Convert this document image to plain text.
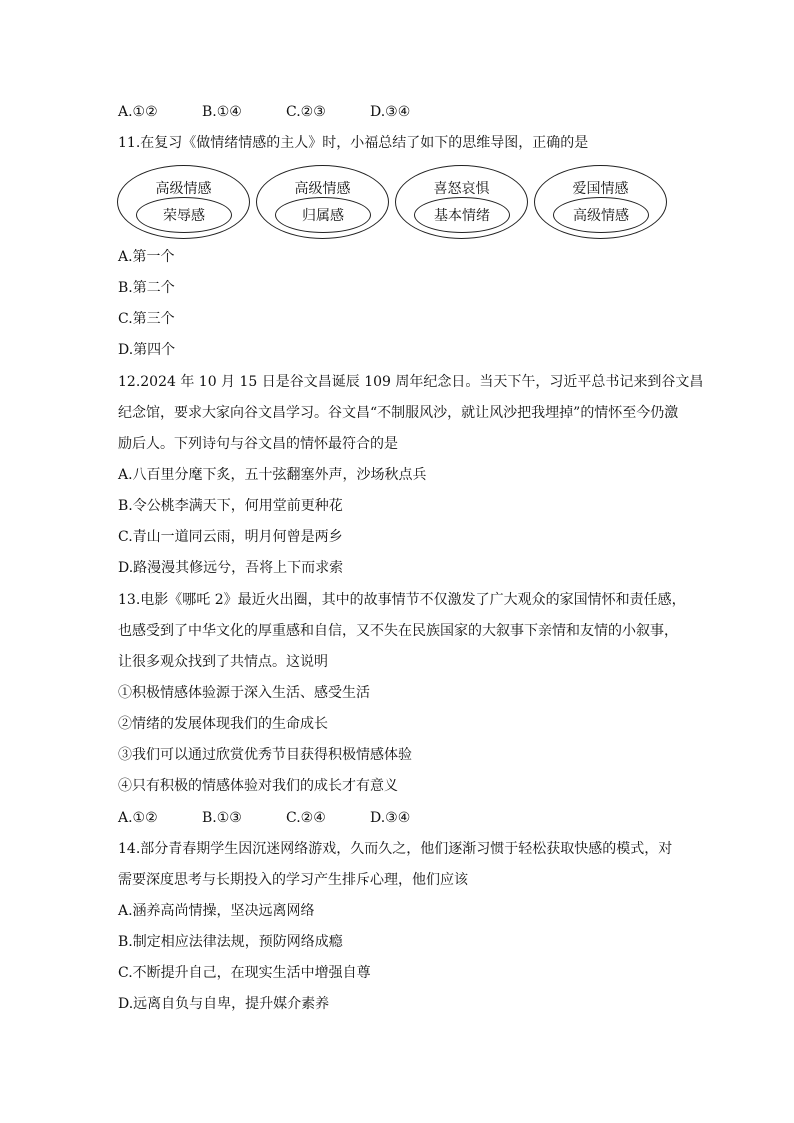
A.①②	B.①④	C.②③	D.③④
11.在复习《做情绪情感的主人》时，小福总结了如下的思维导图，正确的是
高级情感
荣辱感
高级情感
归属感
喜怒哀惧
基本情绪
爱国情感
高级情感
A.第一个
B.第二个
C.第三个
D.第四个
12.2024 年 10 月 15 日是谷文昌诞辰 109 周年纪念日。当天下午，习近平总书记来到谷文昌
纪念馆，要求大家向谷文昌学习。谷文昌“不制服风沙，就让风沙把我埋掉”的情怀至今仍激
励后人。下列诗句与谷文昌的情怀最符合的是
A.八百里分麾下炙，五十弦翻塞外声，沙场秋点兵
B.令公桃李满天下，何用堂前更种花
C.青山一道同云雨，明月何曾是两乡
D.路漫漫其修远兮，吾将上下而求索
13.电影《哪吒 2》最近火出圈，其中的故事情节不仅激发了广大观众的家国情怀和责任感，
也感受到了中华文化的厚重感和自信，又不失在民族国家的大叙事下亲情和友情的小叙事，
让很多观众找到了共情点。这说明
①积极情感体验源于深入生活、感受生活
②情绪的发展体现我们的生命成长
③我们可以通过欣赏优秀节目获得积极情感体验
④只有积极的情感体验对我们的成长才有意义
A.①②	B.①③	C.②④	D.③④
14.部分青春期学生因沉迷网络游戏，久而久之，他们逐渐习惯于轻松获取快感的模式，对
需要深度思考与长期投入的学习产生排斥心理，他们应该
A.涵养高尚情操，坚决远离网络
B.制定相应法律法规，预防网络成瘾
C.不断提升自己，在现实生活中增强自尊
D.远离自负与自卑，提升媒介素养
